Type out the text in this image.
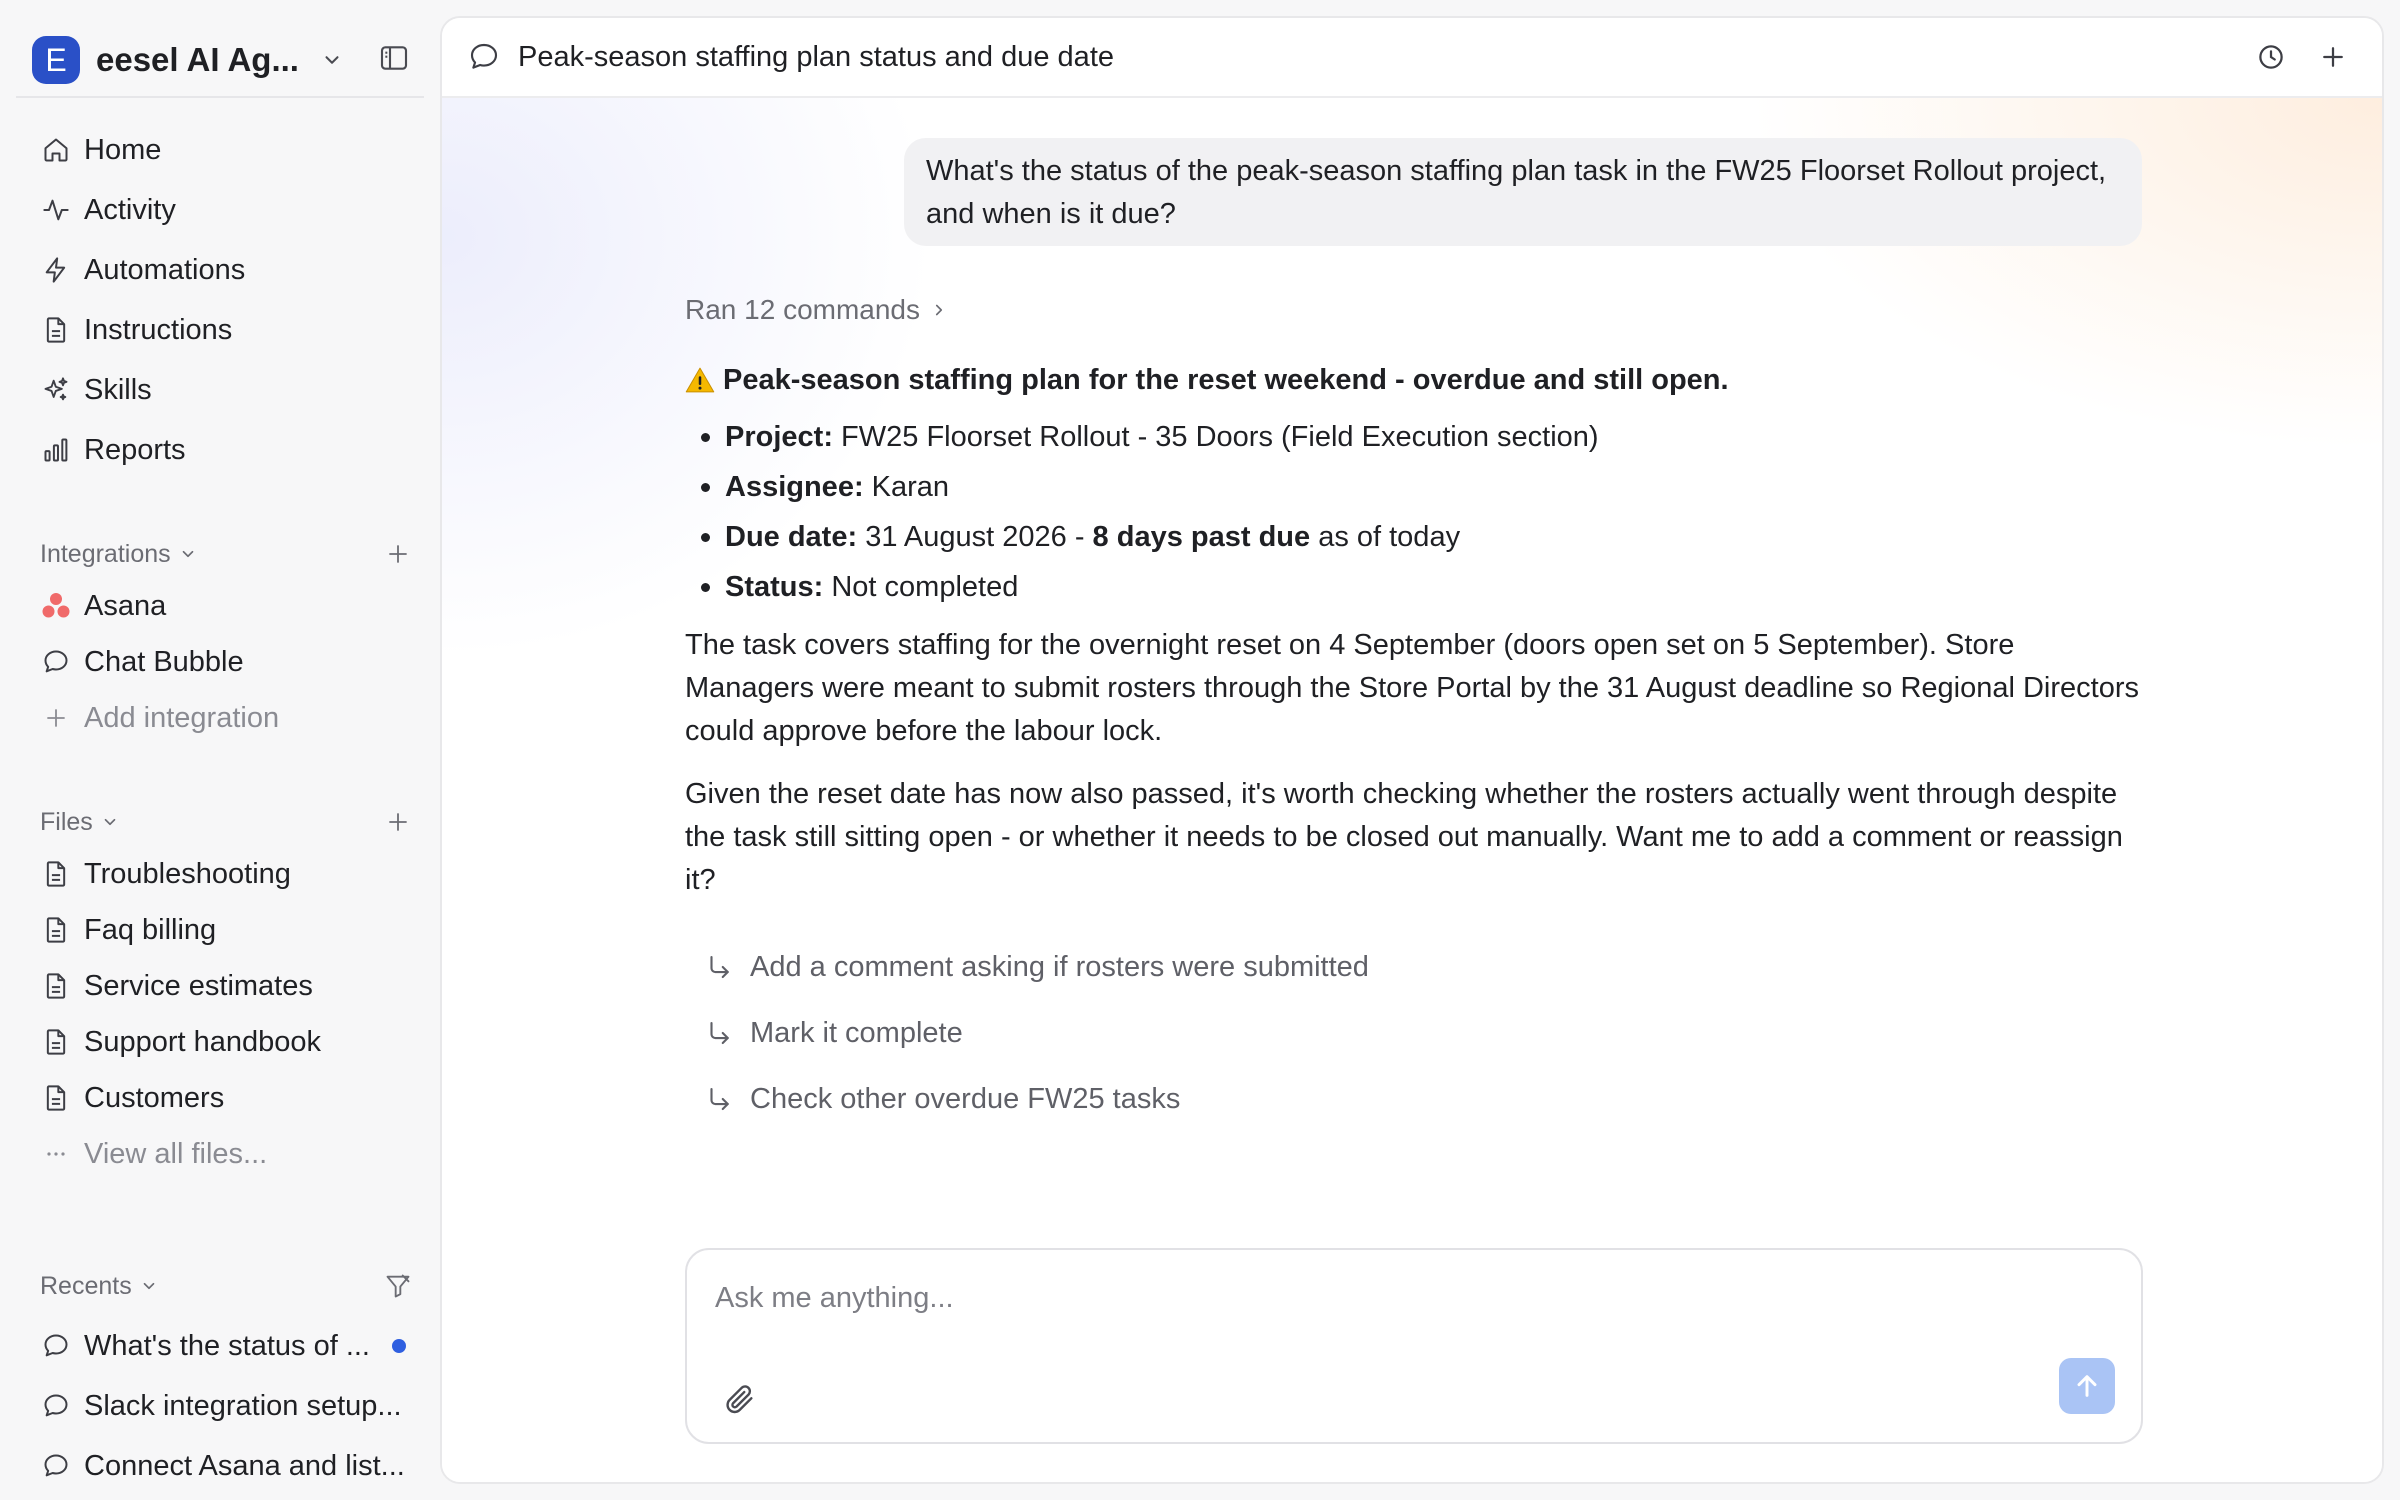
E eesel AI Ag...
Home
Activity
Automations
Instructions
Skills
Reports
Integrations
Asana
Chat Bubble
Add integration
Files
Troubleshooting
Faq billing
Service estimates
Support handbook
Customers
View all files...
Recents
What's the status of ...
Slack integration setup...
Connect Asana and list...
Peak-season staffing plan status and due date
What's the status of the peak-season staffing plan task in the FW25 Floorset Rollout project, and when is it due?
Ran 12 commands
Peak-season staffing plan for the reset weekend - overdue and still open.
Project: FW25 Floorset Rollout - 35 Doors (Field Execution section)
Assignee: Karan
Due date: 31 August 2026 - 8 days past due as of today
Status: Not completed

The task covers staffing for the overnight reset on 4 September (doors open set on 5 September). Store Managers were meant to submit rosters through the Store Portal by the 31 August deadline so Regional Directors could approve before the labour lock.

Given the reset date has now also passed, it's worth checking whether the rosters actually went through despite the task still sitting open - or whether it needs to be closed out manually. Want me to add a comment or reassign it?

Add a comment asking if rosters were submitted
Mark it complete
Check other overdue FW25 tasks
Ask me anything...
